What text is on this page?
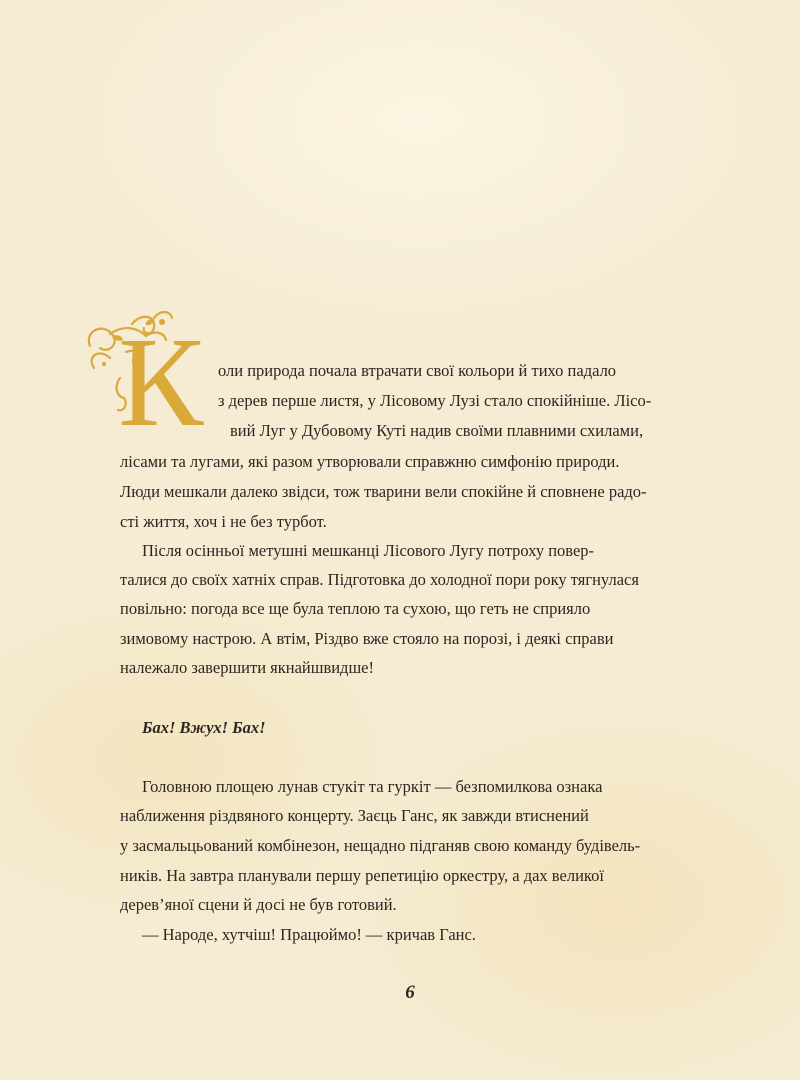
К оли природа почала втрачати свої кольори й тихо падало
з дерев перше листя, у Лісовому Лузі стало спокійніше. Лісо-
вий Луг у Дубовому Куті надив своїми плавними схилами,
лісами та лугами, які разом утворювали справжню симфонію природи.
Люди мешкали далеко звідси, тож тварини вели спокійне й сповнене радо-
сті життя, хоч і не без турбот.
Після осінньої метушні мешканці Лісового Лугу потроху повер-
талися до своїх хатніх справ. Підготовка до холодної пори року тягнулася
повільно: погода все ще була теплою та сухою, що геть не сприяло
зимовому настрою. А втім, Різдво вже стояло на порозі, і деякі справи
належало завершити якнайшвидше!
Бах! Вжух! Бах!
Головною площею лунав стукіт та гуркіт — безпомилкова ознака
наближення різдвяного концерту. Заєць Ганс, як завжди втиснений
у засмальцьований комбінезон, нещадно підганяв свою команду будівель-
ників. На завтра планували першу репетицію оркестру, а дах великої
дерев’яної сцени й досі не був готовий.
— Народе, хутчіш! Працюймо! — кричав Ганс.
6
